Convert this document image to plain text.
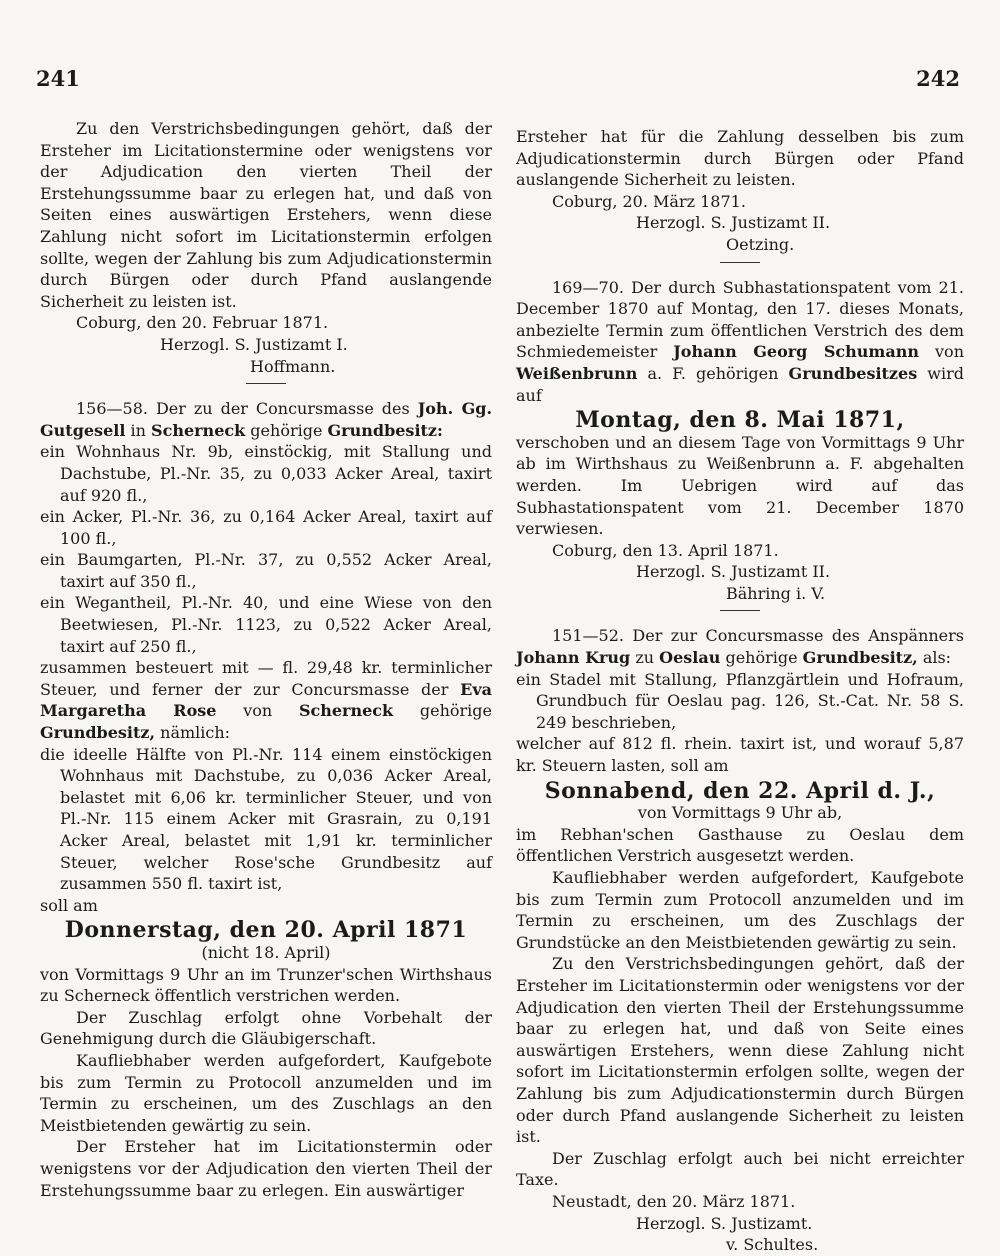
241	242

Zu den Verstrichsbedingungen gehört, daß der Ersteher im Licitationstermine oder wenigstens vor der Adjudication den vierten Theil der Erstehungssumme baar zu erlegen hat, und daß von Seiten eines auswärtigen Erstehers, wenn diese Zahlung nicht sofort im Licitationstermin erfolgen sollte, wegen der Zahlung bis zum Adjudicationstermin durch Bürgen oder durch Pfand auslangende Sicherheit zu leisten ist.

Coburg, den 20. Februar 1871.

Herzogl. S. Justizamt I.

Hoffmann.

156—58. Der zu der Concursmasse des Joh. Gg. Gutgesell in Scherneck gehörige Grundbesitz:

ein Wohnhaus Nr. 9b, einstöckig, mit Stallung und Dachstube, Pl.-Nr. 35, zu 0,033 Acker Areal, taxirt auf 920 fl.,

ein Acker, Pl.-Nr. 36, zu 0,164 Acker Areal, taxirt auf 100 fl.,

ein Baumgarten, Pl.-Nr. 37, zu 0,552 Acker Areal, taxirt auf 350 fl.,

ein Wegantheil, Pl.-Nr. 40, und eine Wiese von den Beetwiesen, Pl.-Nr. 1123, zu 0,522 Acker Areal, taxirt auf 250 fl.,

zusammen besteuert mit — fl. 29,48 kr. terminlicher Steuer, und ferner der zur Concursmasse der Eva Margaretha Rose von Scherneck gehörige Grundbesitz, nämlich:

die ideelle Hälfte von Pl.-Nr. 114 einem einstöckigen Wohnhaus mit Dachstube, zu 0,036 Acker Areal, belastet mit 6,06 kr. terminlicher Steuer, und von Pl.-Nr. 115 einem Acker mit Grasrain, zu 0,191 Acker Areal, belastet mit 1,91 kr. terminlicher Steuer, welcher Rose'sche Grundbesitz auf zusammen 550 fl. taxirt ist,

soll am

Donnerstag, den 20. April 1871

(nicht 18. April)

von Vormittags 9 Uhr an im Trunzer'schen Wirthshaus zu Scherneck öffentlich verstrichen werden.

Der Zuschlag erfolgt ohne Vorbehalt der Genehmigung durch die Gläubigerschaft.

Kaufliebhaber werden aufgefordert, Kaufgebote bis zum Termin zu Protocoll anzumelden und im Termin zu erscheinen, um des Zuschlags an den Meistbietenden gewärtig zu sein.

Der Ersteher hat im Licitationstermin oder wenigstens vor der Adjudication den vierten Theil der Erstehungssumme baar zu erlegen. Ein auswärtiger

Ersteher hat für die Zahlung desselben bis zum Adjudicationstermin durch Bürgen oder Pfand auslangende Sicherheit zu leisten.

Coburg, 20. März 1871.

Herzogl. S. Justizamt II.

Oetzing.

169—70. Der durch Subhastationspatent vom 21. December 1870 auf Montag, den 17. dieses Monats, anbezielte Termin zum öffentlichen Verstrich des dem Schmiedemeister Johann Georg Schumann von Weißenbrunn a. F. gehörigen Grundbesitzes wird auf

Montag, den 8. Mai 1871,

verschoben und an diesem Tage von Vormittags 9 Uhr ab im Wirthshaus zu Weißenbrunn a. F. abgehalten werden. Im Uebrigen wird auf das Subhastationspatent vom 21. December 1870 verwiesen.

Coburg, den 13. April 1871.

Herzogl. S. Justizamt II.

Bähring i. V.

151—52. Der zur Concursmasse des Anspänners Johann Krug zu Oeslau gehörige Grundbesitz, als:

ein Stadel mit Stallung, Pflanzgärtlein und Hofraum, Grundbuch für Oeslau pag. 126, St.-Cat. Nr. 58 S. 249 beschrieben,

welcher auf 812 fl. rhein. taxirt ist, und worauf 5,87 kr. Steuern lasten, soll am

Sonnabend, den 22. April d. J.,

von Vormittags 9 Uhr ab,

im Rebhan'schen Gasthause zu Oeslau dem öffentlichen Verstrich ausgesetzt werden.

Kaufliebhaber werden aufgefordert, Kaufgebote bis zum Termin zum Protocoll anzumelden und im Termin zu erscheinen, um des Zuschlags der Grundstücke an den Meistbietenden gewärtig zu sein.

Zu den Verstrichsbedingungen gehört, daß der Ersteher im Licitationstermin oder wenigstens vor der Adjudication den vierten Theil der Erstehungssumme baar zu erlegen hat, und daß von Seite eines auswärtigen Erstehers, wenn diese Zahlung nicht sofort im Licitationstermin erfolgen sollte, wegen der Zahlung bis zum Adjudicationstermin durch Bürgen oder durch Pfand auslangende Sicherheit zu leisten ist.

Der Zuschlag erfolgt auch bei nicht erreichter Taxe.

Neustadt, den 20. März 1871.

Herzogl. S. Justizamt.

v. Schultes.
